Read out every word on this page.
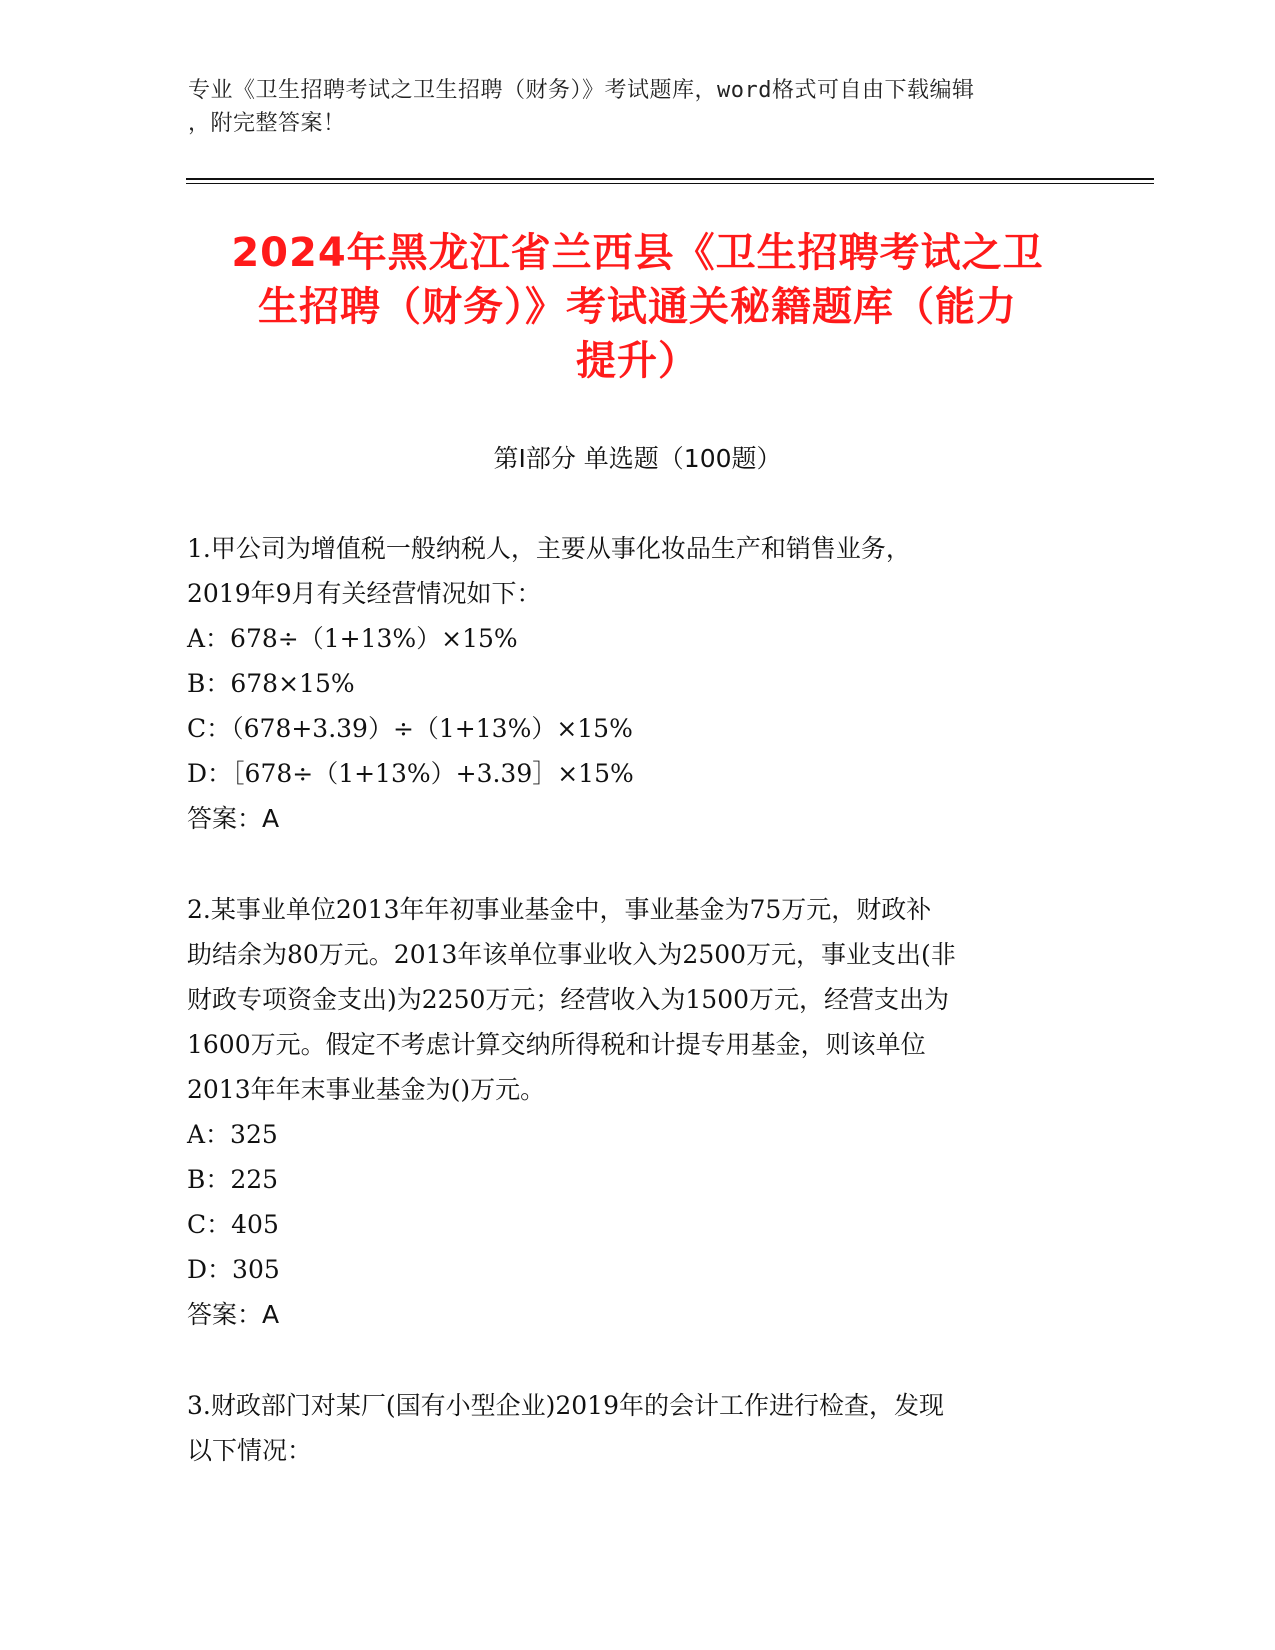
专业《卫生招聘考试之卫生招聘（财务）》考试题库，word格式可自由下载编辑
，附完整答案！
2024年黑龙江省兰西县《卫生招聘考试之卫
生招聘（财务）》考试通关秘籍题库（能力
提升）
第Ⅰ部分 单选题（100题）

1.甲公司为增值税一般纳税人，主要从事化妆品生产和销售业务，

2019年9月有关经营情况如下：

A：678÷（1+13%）×15%

B：678×15%

C：（678+3.39）÷（1+13%）×15%

D：［678÷（1+13%）+3.39］×15%

答案：A

2.某事业单位2013年年初事业基金中，事业基金为75万元，财政补

助结余为80万元。2013年该单位事业收入为2500万元，事业支出(非

财政专项资金支出)为2250万元；经营收入为1500万元，经营支出为

1600万元。假定不考虑计算交纳所得税和计提专用基金，则该单位

2013年年末事业基金为()万元。

A：325

B：225

C：405

D：305

答案：A

3.财政部门对某厂(国有小型企业)2019年的会计工作进行检查，发现

以下情况：
